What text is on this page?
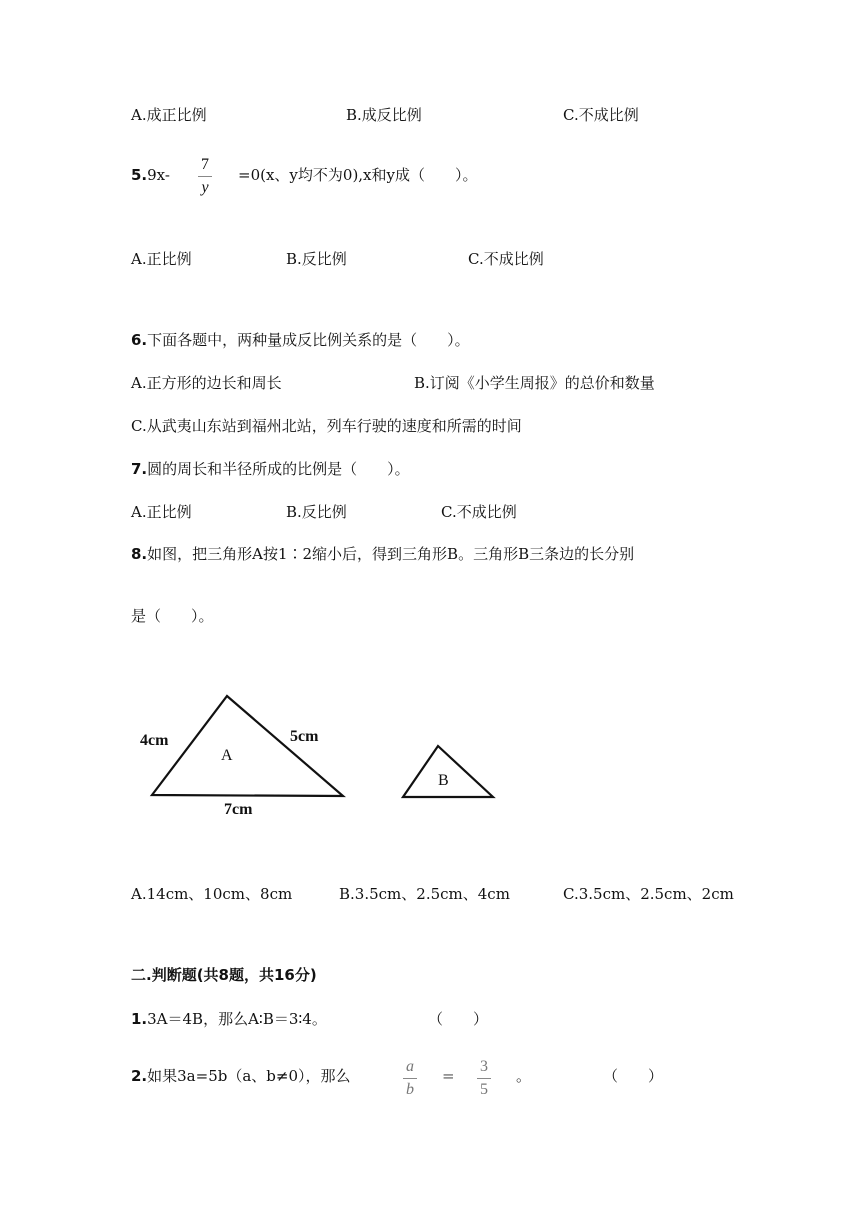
A.成正比例	B.成反比例	C.不成比例
5.9x-
7
y
=0(x、y均不为0),x和y成（　　）。
A.正比例	B.反比例	C.不成比例
6.下面各题中，两种量成反比例关系的是（　　）。
A.正方形的边长和周长	B.订阅《小学生周报》的总价和数量
C.从武夷山东站到福州北站，列车行驶的速度和所需的时间
7.圆的周长和半径所成的比例是（　　）。
A.正比例	B.反比例	C.不成比例
8.如图，把三角形A按1∶2缩小后，得到三角形B。三角形B三条边的长分别
是（　　）。
4cm	5cm
7cm
A
B
A.14cm、10cm、8cm	B.3.5cm、2.5cm、4cm	C.3.5cm、2.5cm、2cm
二.判断题(共8题，共16分)
1.3A＝4B，那么A∶B＝3∶4。	（　　）
2.如果3a=5b（a、b≠0），那么
a
b
=
3
5
。	（　　）
